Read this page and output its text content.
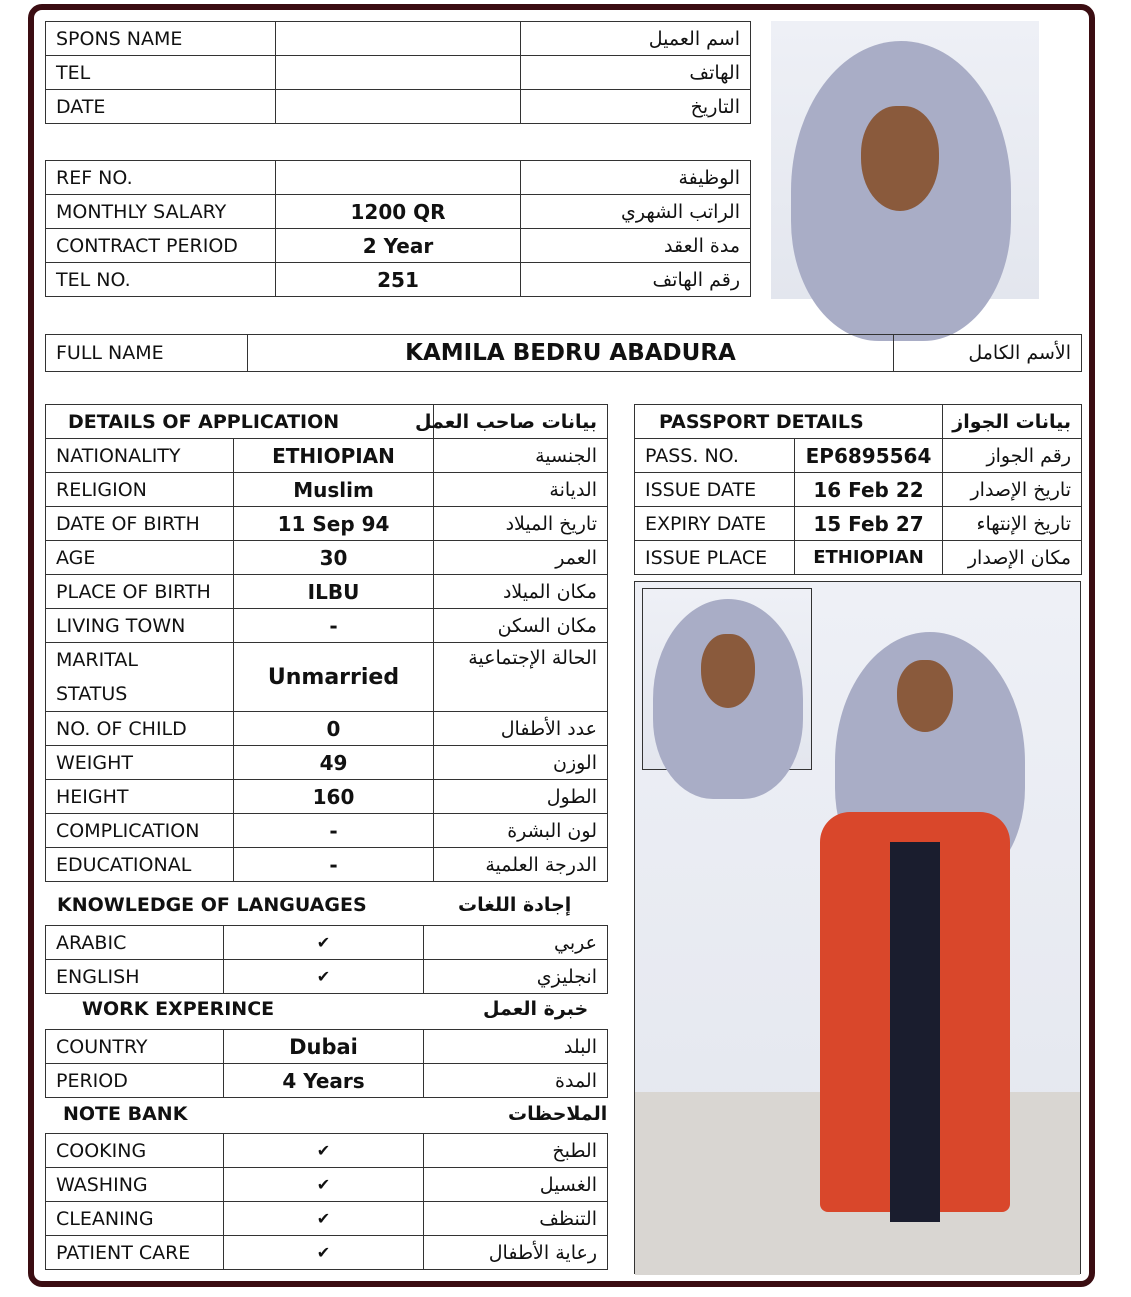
SPONS NAME		اسم العميل
TEL		الهاتف
DATE		التاريخ
REF NO.		الوظيفة
MONTHLY SALARY	1200 QR	الراتب الشهري
CONTRACT PERIOD	2 Year	مدة العقد
TEL NO.	251	رقم الهاتف
FULL NAME	KAMILA BEDRU ABADURA	الأسم الكامل
DETAILS OF APPLICATION		بيانات صاحب العمل
NATIONALITY	ETHIOPIAN	الجنسية
RELIGION	Muslim	الديانة
DATE OF BIRTH	11 Sep 94	تاريخ الميلاد
AGE	30	العمر
PLACE OF BIRTH	ILBU	مكان الميلاد
LIVING TOWN	-	مكان السكن
MARITAL
STATUS	Unmarried	الحالة الإجتماعية
NO. OF CHILD	0	عدد الأطفال
WEIGHT	49	الوزن
HEIGHT	160	الطول
COMPLICATION	-	لون البشرة
EDUCATIONAL	-	الدرجة العلمية
KNOWLEDGE OF LANGUAGES	إجادة اللغات
ARABIC	✔	عربي
ENGLISH	✔	انجليزي
WORK EXPERINCE	خبرة العمل
COUNTRY	Dubai	البلد
PERIOD	4 Years	المدة
NOTE BANK	الملاحظات
COOKING	✔	الطبخ
WASHING	✔	الغسيل
CLEANING	✔	التنظف
PATIENT CARE	✔	رعاية الأطفال
PASSPORT DETAILS		بيانات الجواز
PASS. NO.	EP6895564	رقم الجواز
ISSUE DATE	16 Feb 22	تاريخ الإصدار
EXPIRY DATE	15 Feb 27	تاريخ الإنتهاء
ISSUE PLACE	ETHIOPIAN	مكان الإصدار
